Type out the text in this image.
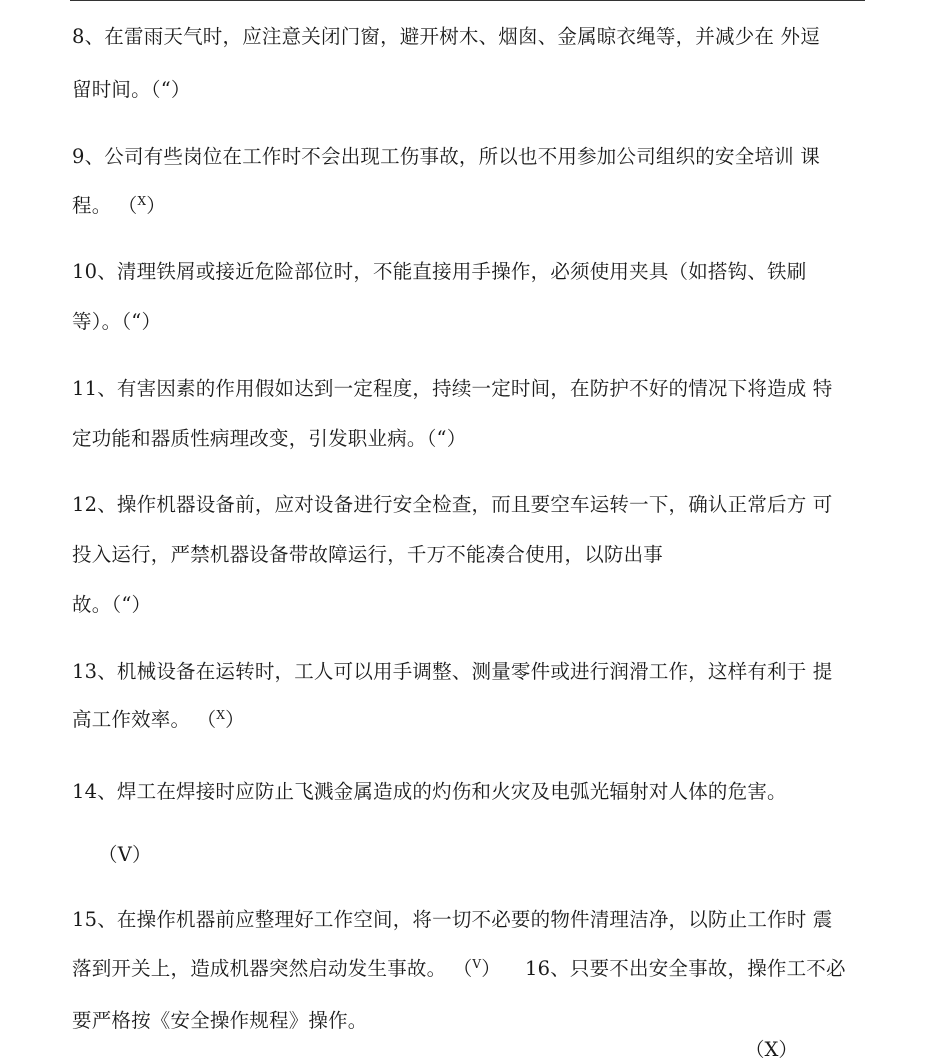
8、在雷雨天气时，应注意关闭门窗，避开树木、烟囱、金属晾衣绳等，并减少在 外逗
留时间。（“）
9、公司有些岗位在工作时不会出现工伤事故，所以也不用参加公司组织的安全培训 课
程。 （$^X$）
10、清理铁屑或接近危险部位时，不能直接用手操作，必须使用夹具（如搭钩、铁刷
等）。（“）
11、有害因素的作用假如达到一定程度，持续一定时间，在防护不好的情况下将造成 特
定功能和器质性病理改变，引发职业病。（“）
12、操作机器设备前，应对设备进行安全检查，而且要空车运转一下，确认正常后方 可
投入运行，严禁机器设备带故障运行，千万不能凑合使用，以防出事
故。（“）
13、机械设备在运转时，工人可以用手调整、测量零件或进行润滑工作，这样有利于 提
高工作效率。 （$^X$）
14、焊工在焊接时应防止飞溅金属造成的灼伤和火灾及电弧光辐射对人体的危害。
（V）
15、在操作机器前应整理好工作空间，将一切不必要的物件清理洁净，以防止工作时 震
落到开关上，造成机器突然启动发生事故。 （$^V$） 16、只要不出安全事故，操作工不必
要严格按《安全操作规程》操作。
（X）
